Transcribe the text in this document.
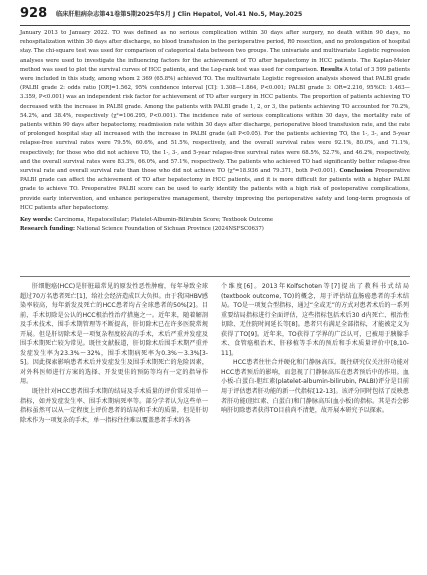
928 临床肝胆病杂志第41卷第5期2025年5月 J Clin Hepatol, Vol.41 No.5, May.2025

January 2013 to January 2022. TO was defined as no serious complication within 30 days after surgery, no death within 90 days, no rehospitalization within 30 days after discharge, no blood transfusion in the perioperative period, R0 resection, and no prolongation of hospital stay. The chi-square test was used for comparison of categorical data between two groups. The univariate and multivariate Logistic regression analyses were used to investigate the influencing factors for the achievement of TO after hepatectomy in HCC patients. The Kaplan-Meier method was used to plot the survival curves of HCC patients, and the Log-rank test was used for comparison. Results A total of 3 599 patients were included in this study, among whom 2 369 (65.8%) achieved TO. The multivariate Logistic regression analysis showed that PALBI grade (PALBI grade 2: odds ratio [OR]=1.562, 95% confidence interval [CI]: 1.308—1.864, P<0.001; PALBI grade 3: OR=2.216, 95%CI: 1.463—3.359, P<0.001) was an independent risk factor for achievement of TO after surgery in HCC patients. The proportion of patients achieving TO decreased with the increase in PALBI grade. Among the patients with PALBI grade 1, 2, or 3, the patients achieving TO accounted for 70.2%, 54.2%, and 38.4%, respectively (χ²=106.295, P<0.001). The incidence rate of serious complications within 30 days, the mortality rate of patients within 90 days after hepatectomy, readmission rate within 30 days after discharge, perioperative blood transfusion rate, and the rate of prolonged hospital stay all increased with the increase in PALBI grade (all P<0.05). For the patients achieving TO, the 1-, 3-, and 5-year relapse-free survival rates were 79.5%, 60.6%, and 51.5%, respectively, and the overall survival rates were 92.1%, 80.0%, and 71.1%, respectively; for those who did not achieve TO, the 1-, 3-, and 5-year relapse-free survival rates were 68.5%, 52.7%, and 46.2%, respectively, and the overall survival rates were 83.3%, 66.0%, and 57.1%, respectively. The patients who achieved TO had significantly better relapse-free survival rate and overall survival rate than those who did not achieve TO (χ²=18.936 and 79.371, both P<0.001). Conclusion Preoperative PALBI grade can affect the achievement of TO after hepatectomy in HCC patients, and it is more difficult for patients with a higher PALBI grade to achieve TO. Preoperative PALBI score can be used to early identify the patients with a high risk of postoperative complications, provide early intervention, and enhance perioperative management, thereby improving the perioperative safety and long-term prognosis of HCC patients after hepatectomy.

Key words: Carcinoma, Hepatocellular; Platelet-Albumin-Bilirubin Score; Textbook Outcome

Research funding: National Science Foundation of Sichuan Province (2024NSFSC0637)

肝细胞癌(HCC)是肝脏最常见的原发性恶性肿瘤，每年导致全球超过70万名患者死亡[1]，给社会经济造成巨大负担。由于我国HBV感染率较高，每年新发及死亡的HCC患者均占全球患者的50%[2]。目前，手术切除是公认的HCC根治性治疗措施之一。近年来，随着解剖及手术技术、围手术期管理等不断提高，肝切除术已在许多医院常规开展。但是肝切除术是一项复杂程度较高的手术，术后严重并发症及围手术期死亡较为常见。既往文献报道，肝切除术后围手术期严重并发症发生率为23.3%～32%，围手术期病死率为0.3%～3.3%[3-5]。因此探索影响患者术后并发症发生及围手术期死亡的危险因素，对外科医师进行方案的选择、开发更佳的预防等均有一定的指导作用。

既往针对HCC患者围手术期的结局及手术质量的评价常采用单一指标，如并发症发生率、围手术期病死率等。部分学者认为这些单一指标虽然可以从一定程度上评价患者的结局和手术的质量，但是肝切除术作为一项复杂的手术，单一指标往往难以覆盖患者手术的各

个维度[6]。2013年Kolfschoten等[7]提出了教科书式结局(textbook outcome, TO)的概念，用于评估结直肠癌患者的手术结局。TO是一项复合型指标，通过“全或无”的方式对患者术后的一系列重要结局指标进行全面评估，这些指标包括术后30 d内死亡、根治性切除、无住院时间延长等[8]。患者只有满足全部指标，才能被定义为获得了TO[9]。近年来，TO获得了学界的广泛认可，已被用于胰腺手术、食管癌根治术、肝移植等手术的预后和手术质量评价中[8,10-11]。

HCC患者往往合并硬化和门静脉高压。既往研究仅关注肝功能对HCC患者预后的影响，而忽视了门静脉高压在患者预后中的作用。血小板-白蛋白-胆红素(platelet-albumin-bilirubin, PALBI)评分是目前用于评估患者肝功能的新一代指标[12-13]。该评分同时包括了反映患者肝功能(胆红素、白蛋白)和门静脉高压(血小板)的指标。其是否会影响肝切除患者获得TO目前尚不清楚，故开展本研究予以探索。
